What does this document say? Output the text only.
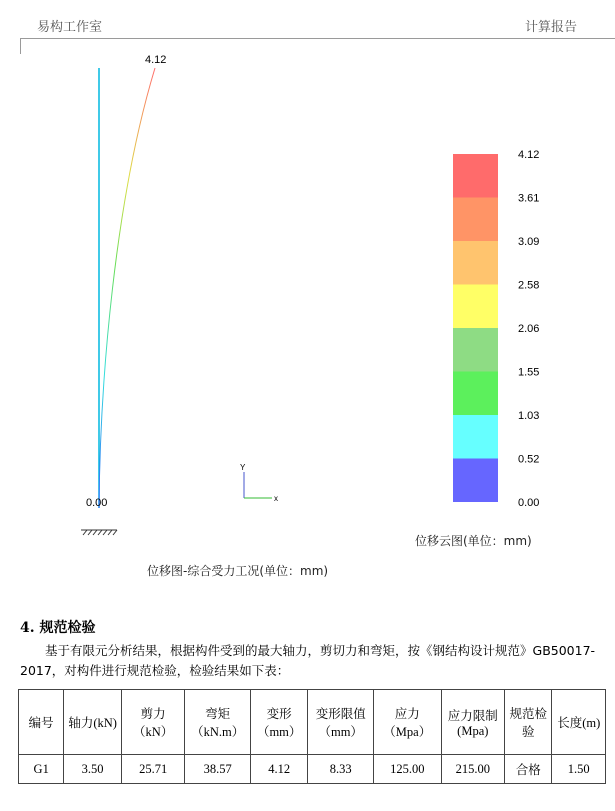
易构工作室	计算报告
4.12
0.00
Y
x
4.12
3.61
3.09
2.58
2.06
1.55
1.03
0.52
0.00
位移图-综合受力工况(单位：mm)
位移云图(单位：mm)
4. 规范检验
基于有限元分析结果，根据构件受到的最大轴力，剪切力和弯矩，按《钢结构设计规范》GB50017-2017，对构件进行规范检验，检验结果如下表：
编号	轴力(kN)	剪力（kN）	弯矩（kN.m）	变形（mm）	变形限值（mm）	应力（Mpa）	应力限制(Mpa)	规范检验	长度(m)
G1	3.50	25.71	38.57	4.12	8.33	125.00	215.00	合格	1.50
